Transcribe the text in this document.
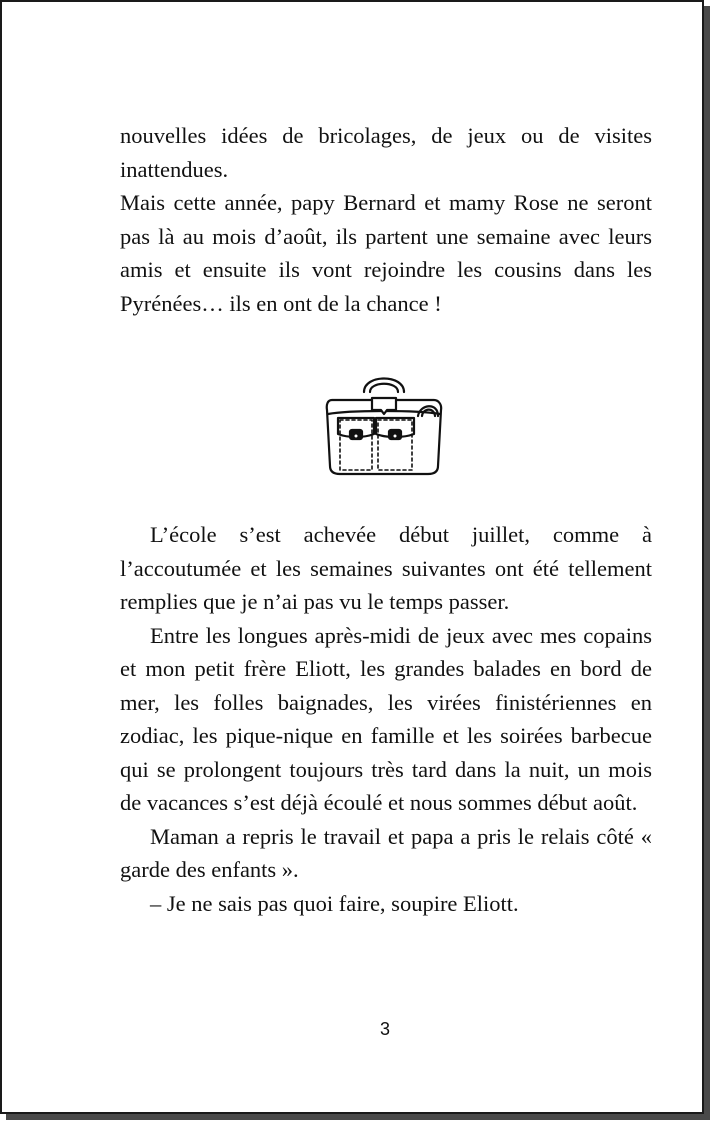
nouvelles idées de bricolages, de jeux ou de visites inattendues.

Mais cette année, papy Bernard et mamy Rose ne seront pas là au mois d’août, ils partent une semaine avec leurs amis et ensuite ils vont rejoindre les cousins dans les Pyrénées… ils en ont de la chance !

L’école s’est achevée début juillet, comme à l’accoutumée et les semaines suivantes ont été tellement remplies que je n’ai pas vu le temps passer.

Entre les longues après-midi de jeux avec mes copains et mon petit frère Eliott, les grandes balades en bord de mer, les folles baignades, les virées finistériennes en zodiac, les pique-nique en famille et les soirées barbecue qui se prolongent toujours très tard dans la nuit, un mois de vacances s’est déjà écoulé et nous sommes début août.

Maman a repris le travail et papa a pris le relais côté « garde des enfants ».

– Je ne sais pas quoi faire, soupire Eliott.

3
